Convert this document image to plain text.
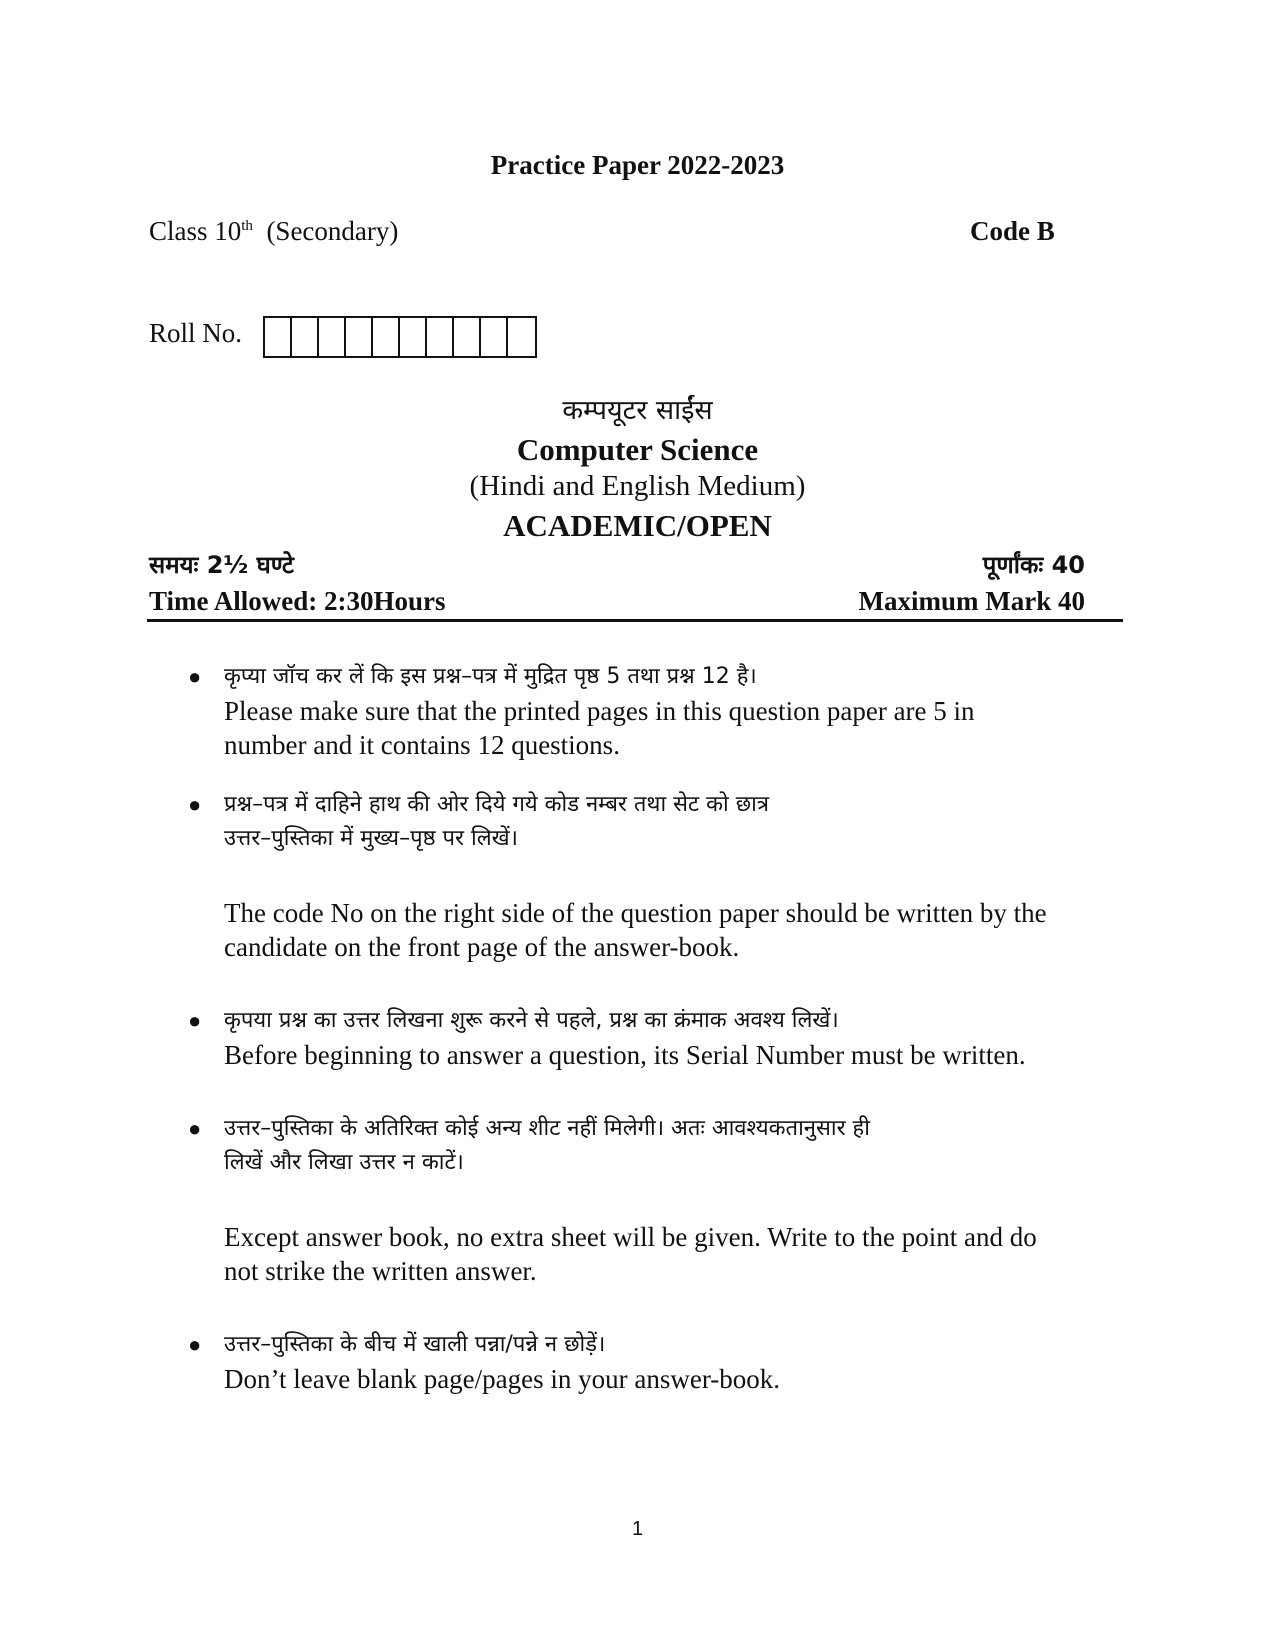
Practice Paper 2022-2023
Class 10th (Secondary)	Code B
Roll No.
कम्पयूटर साईंस
Computer Science
(Hindi and English Medium)
ACADEMIC/OPEN
समयः 2½ घण्टे	पूर्णांकः 40
Time Allowed: 2:30Hours	Maximum Mark 40
● कृप्या जॉच कर लें कि इस प्रश्न–पत्र में मुद्रित पृष्ठ 5 तथा प्रश्न 12 है।
Please make sure that the printed pages in this question paper are 5 in
number and it contains 12 questions.
● प्रश्न–पत्र में दाहिने हाथ की ओर दिये गये कोड नम्बर तथा सेट को छात्र
उत्तर–पुस्तिका में मुख्य–पृष्ठ पर लिखें।
The code No on the right side of the question paper should be written by the
candidate on the front page of the answer-book.
● कृपया प्रश्न का उत्तर लिखना शुरू करने से पहले, प्रश्न का क्रंमाक अवश्य लिखें।
Before beginning to answer a question, its Serial Number must be written.
● उत्तर–पुस्तिका के अतिरिक्त कोई अन्य शीट नहीं मिलेगी। अतः आवश्यकतानुसार ही
लिखें और लिखा उत्तर न काटें।
Except answer book, no extra sheet will be given. Write to the point and do
not strike the written answer.
● उत्तर–पुस्तिका के बीच में खाली पन्ना/पन्ने न छोड़ें।
Don’t leave blank page/pages in your answer-book.
1
